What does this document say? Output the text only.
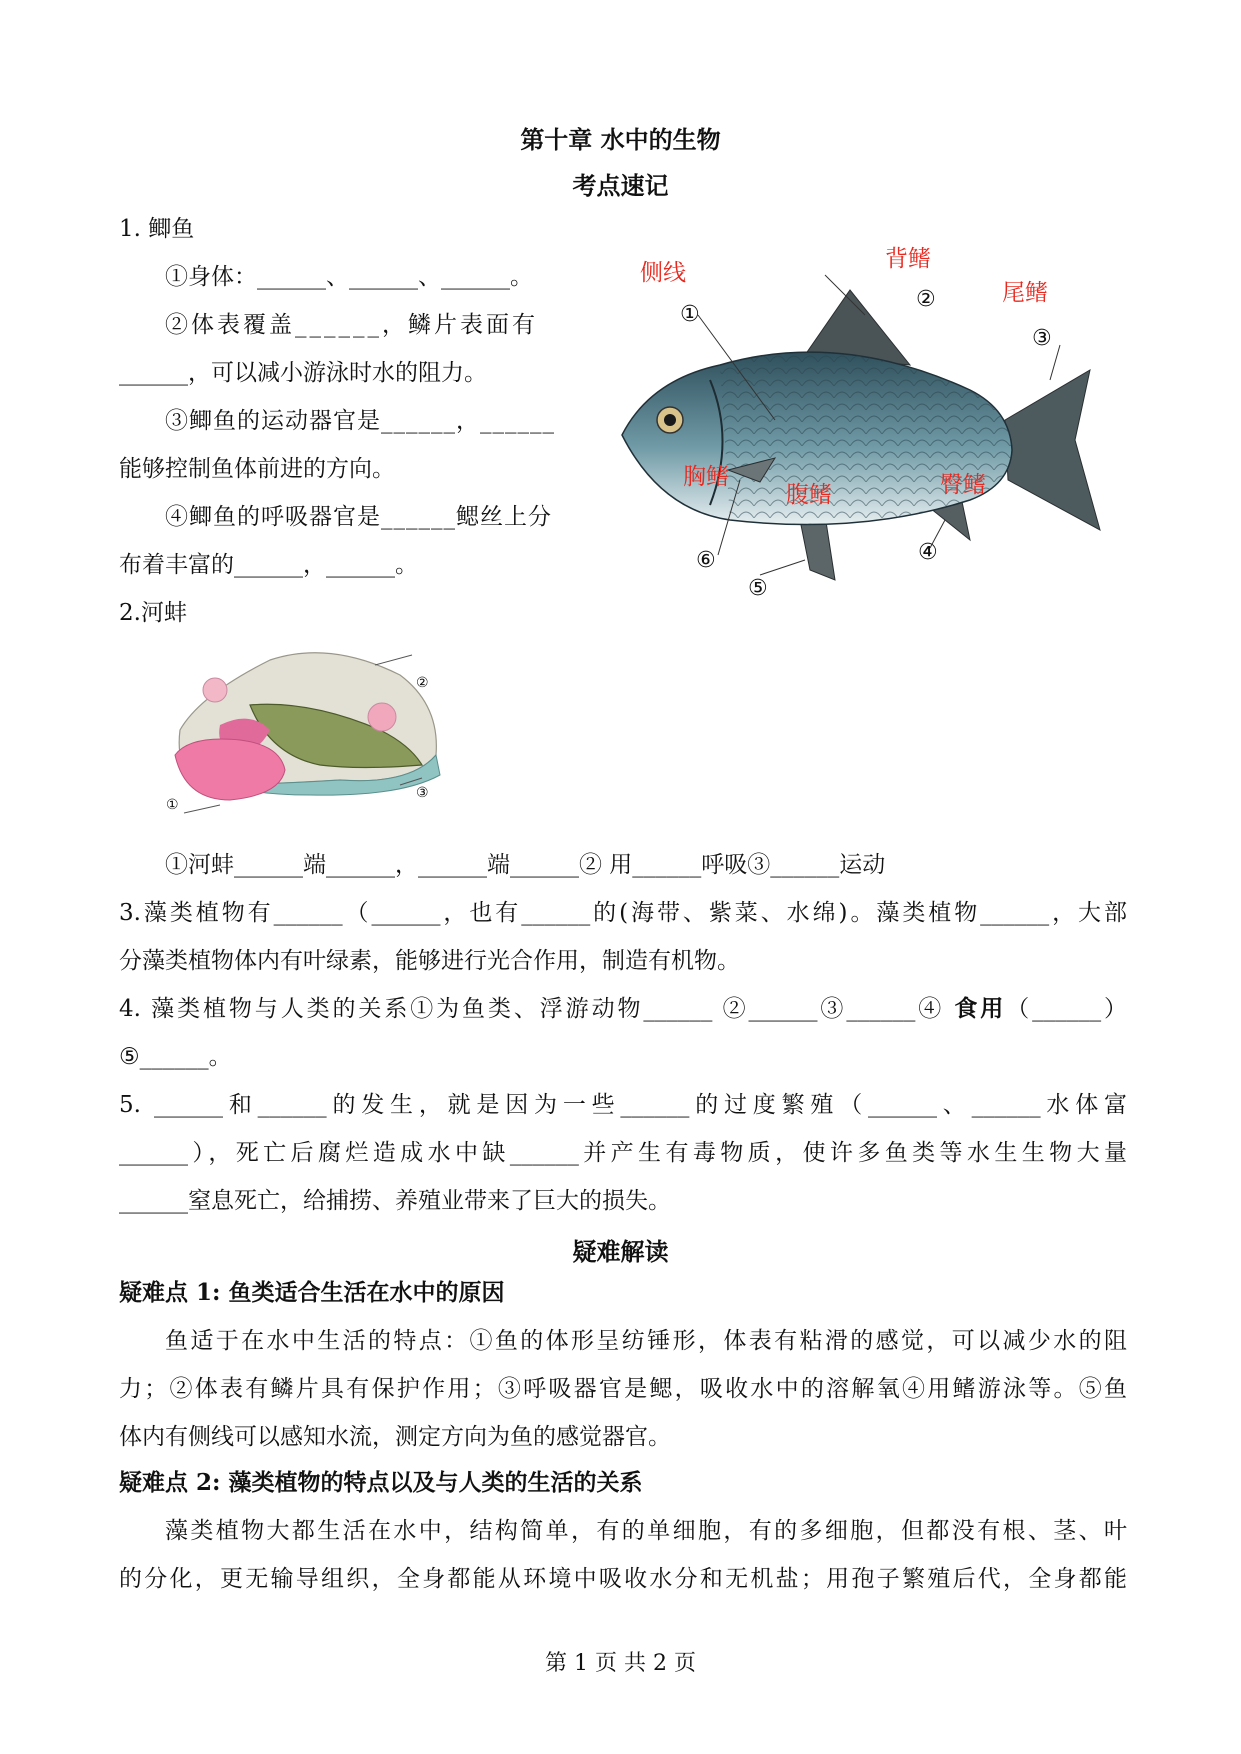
第十章 水中的生物
考点速记
1. 鲫鱼
①身体：______、______、______。
②体表覆盖______，鳞片表面有
______，可以减小游泳时水的阻力。
③鲫鱼的运动器官是______，______
能够控制鱼体前进的方向。
④鲫鱼的呼吸器官是______鳃丝上分
布着丰富的______，______。
侧线
背鳍
尾鳍
胸鳍
腹鳍	臀鳍
①
②
③
④
⑤
⑥
2.河蚌
①
②
③
①河蚌______端______，______端______② 用______呼吸③______运动
3.藻类植物有______（______，也有______的(海带、紫菜、水绵)。藻类植物______，大部
分藻类植物体内有叶绿素，能够进行光合作用，制造有机物。
4. 藻类植物与人类的关系①为鱼类、浮游动物______ ②______③______④ 食用（______）
⑤______。
5. ______和______的发生，就是因为一些______的过度繁殖（______、______水体富
______），死亡后腐烂造成水中缺______并产生有毒物质，使许多鱼类等水生生物大量
______窒息死亡，给捕捞、养殖业带来了巨大的损失。
疑难解读
疑难点 1: 鱼类适合生活在水中的原因
鱼适于在水中生活的特点：①鱼的体形呈纺锤形，体表有粘滑的感觉，可以减少水的阻
力；②体表有鳞片具有保护作用；③呼吸器官是鳃，吸收水中的溶解氧④用鳍游泳等。⑤鱼
体内有侧线可以感知水流，测定方向为鱼的感觉器官。
疑难点 2: 藻类植物的特点以及与人类的生活的关系
藻类植物大都生活在水中，结构简单，有的单细胞，有的多细胞，但都没有根、茎、叶
的分化，更无输导组织，全身都能从环境中吸收水分和无机盐；用孢子繁殖后代，全身都能
第 1 页 共 2 页
